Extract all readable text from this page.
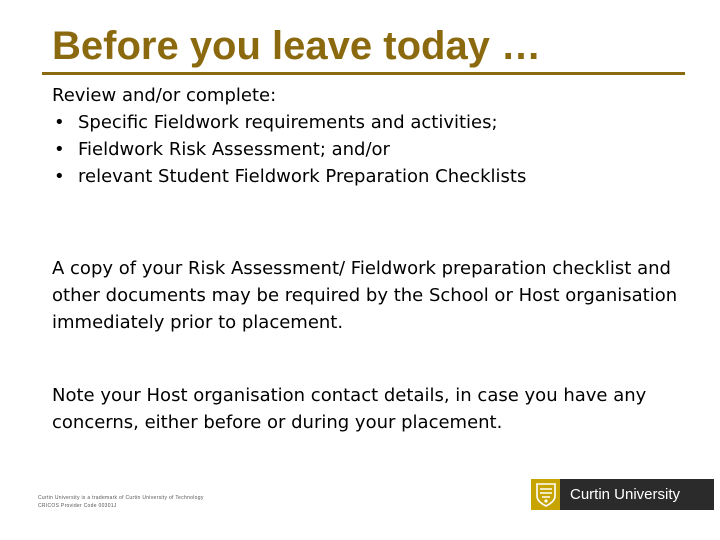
Before you leave today …
Review and/or complete:
• Specific Fieldwork requirements and activities;
• Fieldwork Risk Assessment; and/or
• relevant Student Fieldwork Preparation Checklists
A copy of your Risk Assessment/ Fieldwork preparation checklist and other documents may be required by the School or Host organisation immediately prior to placement.
Note your Host organisation contact details, in case you have any concerns, either before or during your placement.
Curtin University is a trademark of Curtin University of Technology
CRICOS Provider Code 00301J
Curtin University
